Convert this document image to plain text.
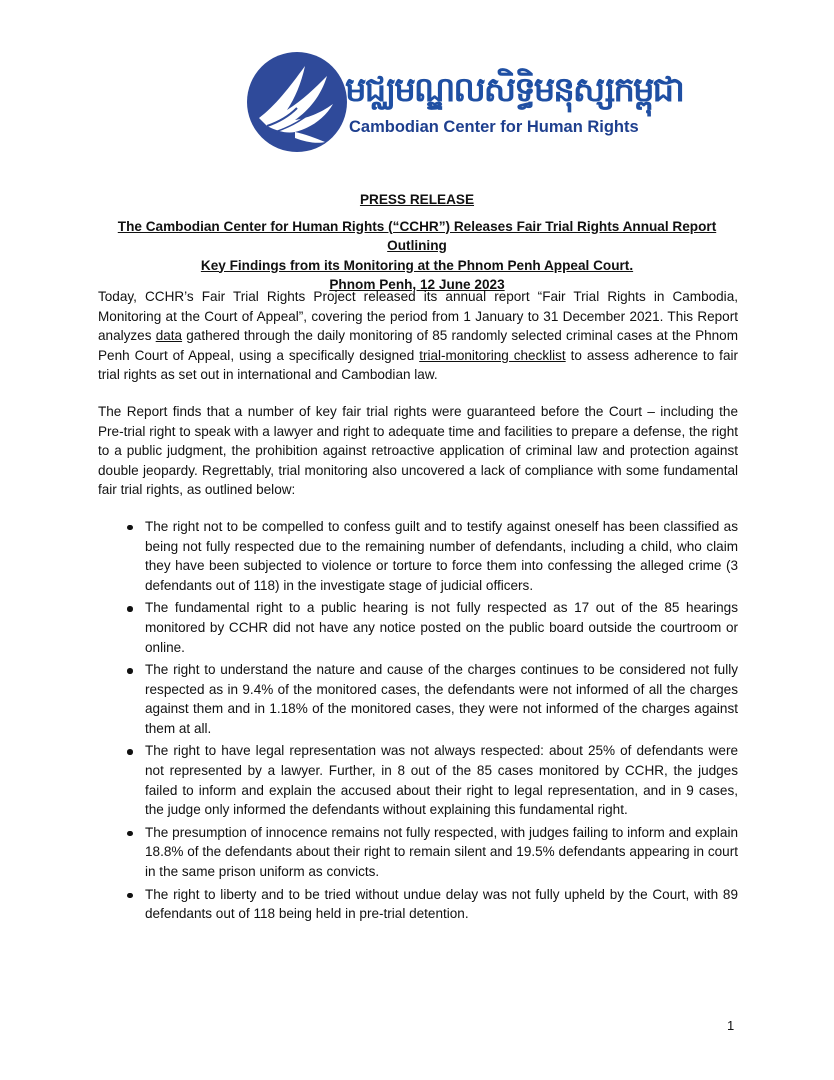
មជ្ឈមណ្ឌលសិទ្ធិមនុស្សកម្ពុជា
Cambodian Center for Human Rights
PRESS RELEASE
The Cambodian Center for Human Rights (“CCHR”) Releases Fair Trial Rights Annual Report Outlining
Key Findings from its Monitoring at the Phnom Penh Appeal Court.
Phnom Penh, 12 June 2023

Today, CCHR’s Fair Trial Rights Project released its annual report “Fair Trial Rights in Cambodia, Monitoring at the Court of Appeal”, covering the period from 1 January to 31 December 2021. This Report analyzes data gathered through the daily monitoring of 85 randomly selected criminal cases at the Phnom Penh Court of Appeal, using a specifically designed trial-monitoring checklist to assess adherence to fair trial rights as set out in international and Cambodian law.

The Report finds that a number of key fair trial rights were guaranteed before the Court – including the Pre-trial right to speak with a lawyer and right to adequate time and facilities to prepare a defense, the right to a public judgment, the prohibition against retroactive application of criminal law and protection against double jeopardy. Regrettably, trial monitoring also uncovered a lack of compliance with some fundamental fair trial rights, as outlined below:

The right not to be compelled to confess guilt and to testify against oneself has been classified as being not fully respected due to the remaining number of defendants, including a child, who claim they have been subjected to violence or torture to force them into confessing the alleged crime (3 defendants out of 118) in the investigate stage of judicial officers.
The fundamental right to a public hearing is not fully respected as 17 out of the 85 hearings monitored by CCHR did not have any notice posted on the public board outside the courtroom or online.
The right to understand the nature and cause of the charges continues to be considered not fully respected as in 9.4% of the monitored cases, the defendants were not informed of all the charges against them and in 1.18% of the monitored cases, they were not informed of the charges against them at all.
The right to have legal representation was not always respected: about 25% of defendants were not represented by a lawyer. Further, in 8 out of the 85 cases monitored by CCHR, the judges failed to inform and explain the accused about their right to legal representation, and in 9 cases, the judge only informed the defendants without explaining this fundamental right.
The presumption of innocence remains not fully respected, with judges failing to inform and explain 18.8% of the defendants about their right to remain silent and 19.5% defendants appearing in court in the same prison uniform as convicts.
The right to liberty and to be tried without undue delay was not fully upheld by the Court, with 89 defendants out of 118 being held in pre-trial detention.
1
